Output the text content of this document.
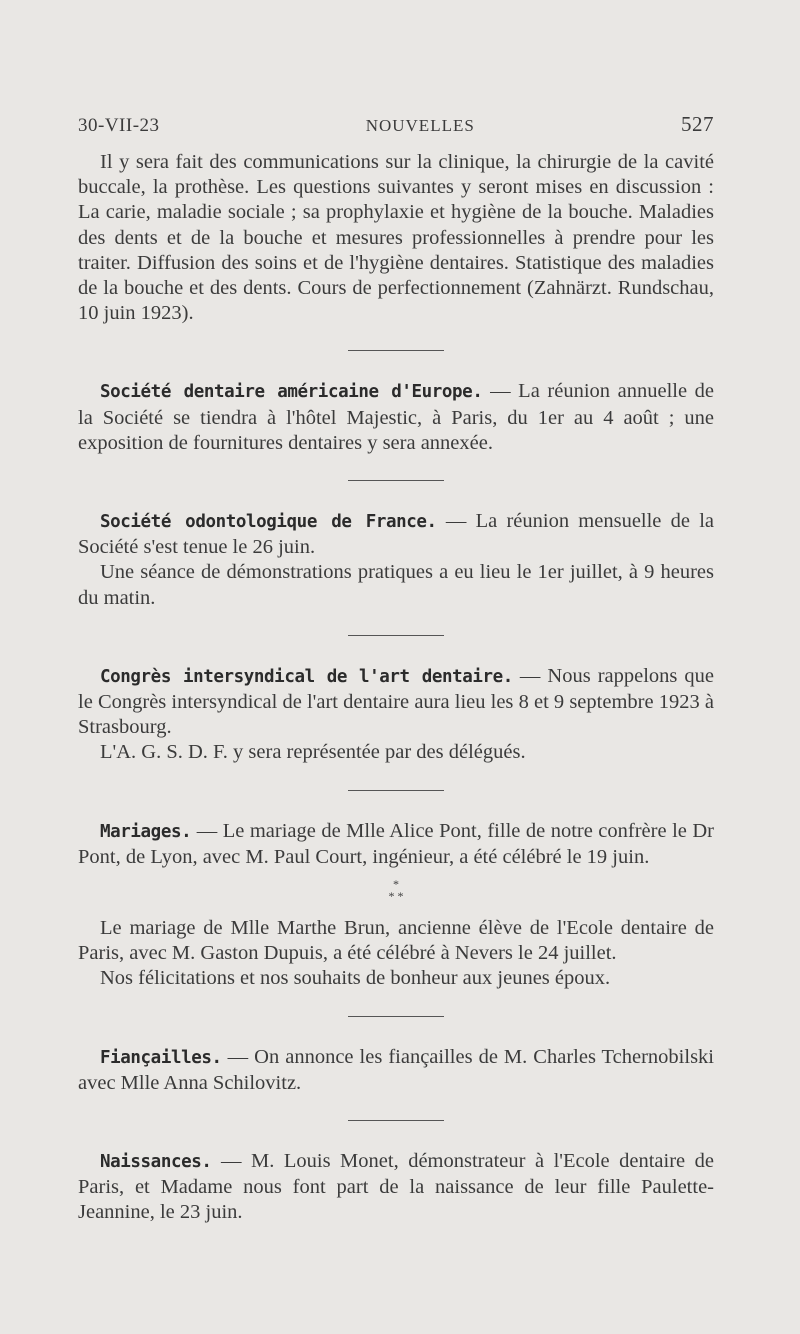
30-VII-23	NOUVELLES	527

Il y sera fait des communications sur la clinique, la chirurgie de la cavité buccale, la prothèse. Les questions suivantes y seront mises en discussion : La carie, maladie sociale ; sa prophylaxie et hygiène de la bouche. Maladies des dents et de la bouche et mesures professionnelles à prendre pour les traiter. Diffusion des soins et de l'hygiène dentaires. Statistique des maladies de la bouche et des dents. Cours de perfectionnement (Zahnärzt. Rundschau, 10 juin 1923).

Société dentaire américaine d'Europe. — La réunion annuelle de la Société se tiendra à l'hôtel Majestic, à Paris, du 1er au 4 août ; une exposition de fournitures dentaires y sera annexée.

Société odontologique de France. — La réunion mensuelle de la Société s'est tenue le 26 juin.

Une séance de démonstrations pratiques a eu lieu le 1er juillet, à 9 heures du matin.

Congrès intersyndical de l'art dentaire. — Nous rappelons que le Congrès intersyndical de l'art dentaire aura lieu les 8 et 9 septembre 1923 à Strasbourg.

L'A. G. S. D. F. y sera représentée par des délégués.

Mariages. — Le mariage de Mlle Alice Pont, fille de notre confrère le Dr Pont, de Lyon, avec M. Paul Court, ingénieur, a été célébré le 19 juin.

*
* *

Le mariage de Mlle Marthe Brun, ancienne élève de l'Ecole dentaire de Paris, avec M. Gaston Dupuis, a été célébré à Nevers le 24 juillet.

Nos félicitations et nos souhaits de bonheur aux jeunes époux.

Fiançailles. — On annonce les fiançailles de M. Charles Tchernobilski avec Mlle Anna Schilovitz.

Naissances. — M. Louis Monet, démonstrateur à l'Ecole dentaire de Paris, et Madame nous font part de la naissance de leur fille Paulette-Jeannine, le 23 juin.
